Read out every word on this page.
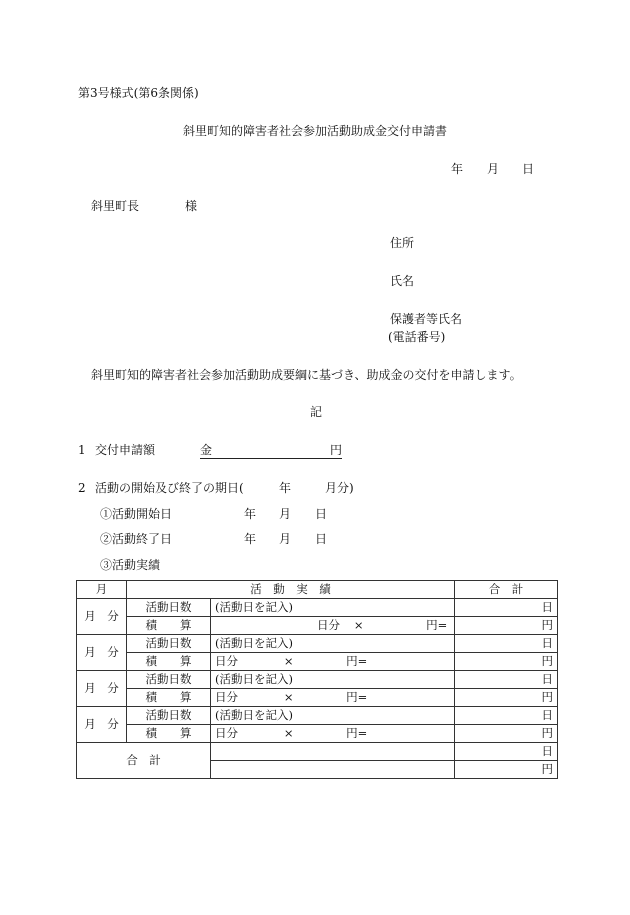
第3号様式(第6条関係)
斜里町知的障害者社会参加活動助成金交付申請書
年 月 日
斜里町長	様
住所
氏名
保護者等氏名
(電話番号)
斜里町知的障害者社会参加活動助成要綱に基づき、助成金の交付を申請します。
記
1 交付申請額	金	円
2 活動の開始及び終了の期日(	年	月分)
①活動開始日	年 月 日
②活動終了日	年 月 日
③活動実績
月	活　動　実　績		合　計
月　分	活動日数	(活動日を記入)	日
	積　　算	日分 × 円=	円
月　分	活動日数	(活動日を記入)	日
	積　　算	日分 × 円=	円
月　分	活動日数	(活動日を記入)	日
	積　　算	日分 × 円=	円
月　分	活動日数	(活動日を記入)	日
	積　　算	日分 × 円=	円
合　計			日
			円
